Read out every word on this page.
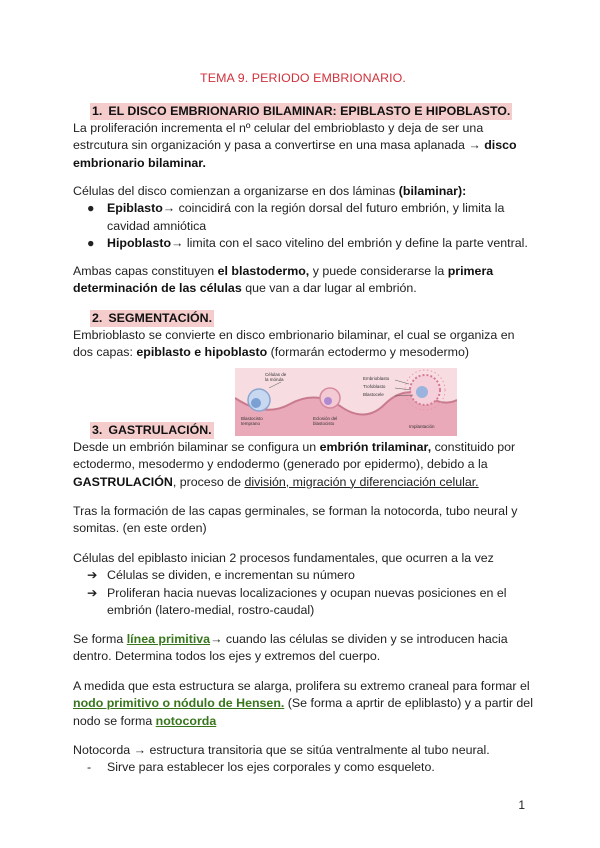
TEMA 9. PERIODO EMBRIONARIO.
1. EL DISCO EMBRIONARIO BILAMINAR: EPIBLASTO E HIPOBLASTO.

La proliferación incrementa el nº celular del embrioblasto y deja de ser una estrcutura sin organización y pasa a convertirse en una masa aplanada → disco embrionario bilaminar.

Células del disco comienzan a organizarse en dos láminas (bilaminar):

● Epiblasto→ coincidirá con la región dorsal del futuro embrión, y limita la cavidad amniótica
● Hipoblasto→ limita con el saco vitelino del embrión y define la parte ventral.

Ambas capas constituyen el blastodermo, y puede considerarse la primera determinación de las células que van a dar lugar al embrión.

2. SEGMENTACIÓN.

Embrioblasto se convierte en disco embrionario bilaminar, el cual se organiza en dos capas: epiblasto e hipoblasto (formarán ectodermo y mesodermo)

Células de la mórula	Embrioblasto
Trofoblasto
Blastocele
Blastocisto temprano
Eclosión del blastocisto
Implantación
3. GASTRULACIÓN.

Desde un embrión bilaminar se configura un embrión trilaminar, constituido por ectodermo, mesodermo y endodermo (generado por epidermo), debido a la GASTRULACIÓN, proceso de división, migración y diferenciación celular.

Tras la formación de las capas germinales, se forman la notocorda, tubo neural y somitas. (en este orden)

Células del epiblasto inician 2 procesos fundamentales, que ocurren a la vez

➔ Células se dividen, e incrementan su número
➔ Proliferan hacia nuevas localizaciones y ocupan nuevas posiciones en el embrión (latero-medial, rostro-caudal)

Se forma línea primitiva→ cuando las células se dividen y se introducen hacia dentro. Determina todos los ejes y extremos del cuerpo.

A medida que esta estructura se alarga, prolifera su extremo craneal para formar el nodo primitivo o nódulo de Hensen. (Se forma a aprtir de epliblasto) y a partir del nodo se forma notocorda

Notocorda → estructura transitoria que se sitúa ventralmente al tubo neural.

- Sirve para establecer los ejes corporales y como esqueleto.
1
